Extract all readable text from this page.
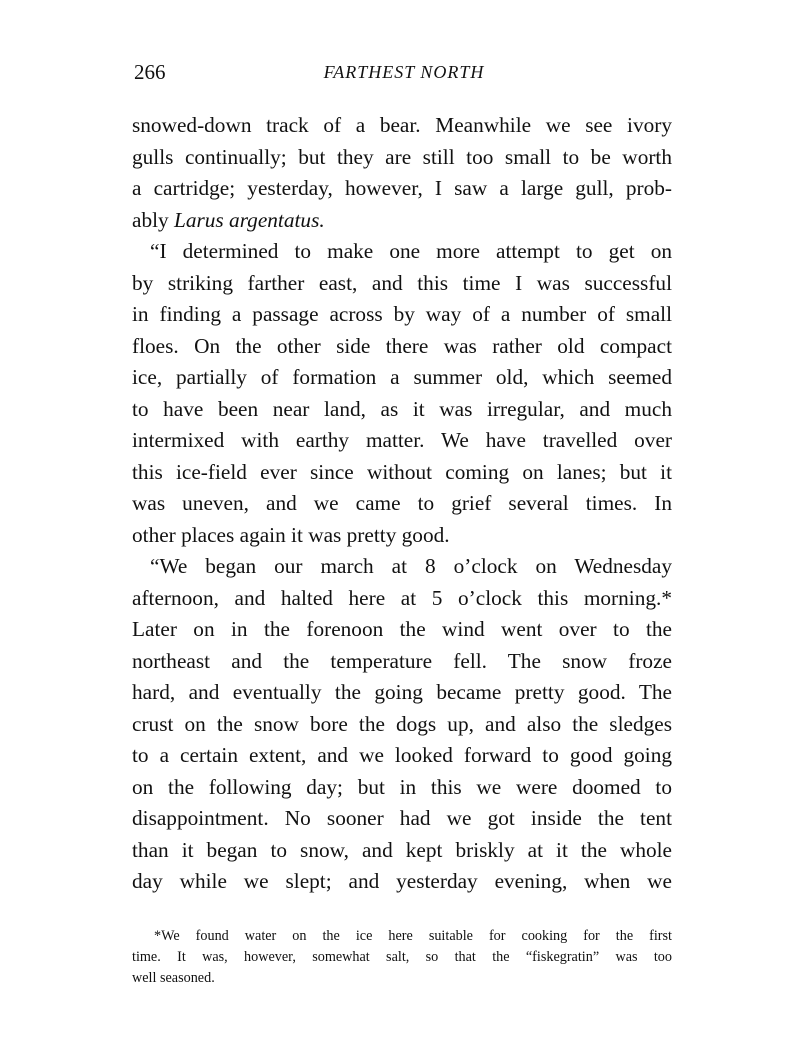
266	FARTHEST NORTH
snowed-down track of a bear. Meanwhile we see ivory
gulls continually; but they are still too small to be worth
a cartridge; yesterday, however, I saw a large gull, prob-
ably Larus argentatus.
“I determined to make one more attempt to get on
by striking farther east, and this time I was successful
in finding a passage across by way of a number of small
floes. On the other side there was rather old compact
ice, partially of formation a summer old, which seemed
to have been near land, as it was irregular, and much
intermixed with earthy matter. We have travelled over
this ice-field ever since without coming on lanes; but it
was uneven, and we came to grief several times. In
other places again it was pretty good.
“We began our march at 8 o’clock on Wednesday
afternoon, and halted here at 5 o’clock this morning.*
Later on in the forenoon the wind went over to the
northeast and the temperature fell. The snow froze
hard, and eventually the going became pretty good. The
crust on the snow bore the dogs up, and also the sledges
to a certain extent, and we looked forward to good going
on the following day; but in this we were doomed to
disappointment. No sooner had we got inside the tent
than it began to snow, and kept briskly at it the whole
day while we slept; and yesterday evening, when we
*We found water on the ice here suitable for cooking for the first
time. It was, however, somewhat salt, so that the “fiskegratin” was too
well seasoned.
